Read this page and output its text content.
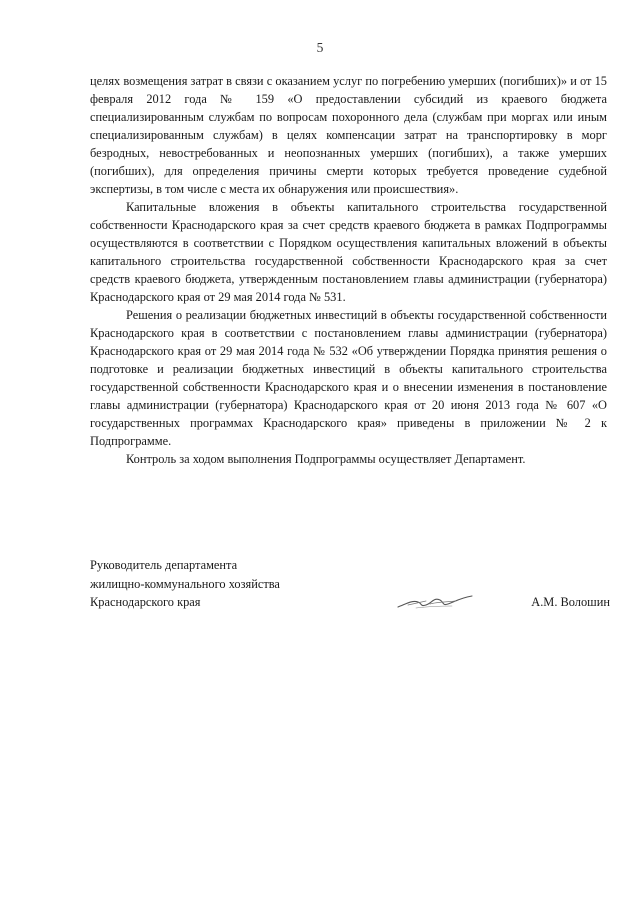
5

целях возмещения затрат в связи с оказанием услуг по погребению умерших (погибших)» и от 15 февраля 2012 года № 159 «О предоставлении субсидий из краевого бюджета специализированным службам по вопросам похоронного дела (службам при моргах или иным специализированным службам) в целях компенсации затрат на транспортировку в морг безродных, невостребованных и неопознанных умерших (погибших), а также умерших (погибших), для определения причины смерти которых требуется проведение судебной экспертизы, в том числе с места их обнаружения или происшествия».

Капитальные вложения в объекты капитального строительства государственной собственности Краснодарского края за счет средств краевого бюджета в рамках Подпрограммы осуществляются в соответствии с Порядком осуществления капитальных вложений в объекты капитального строительства государственной собственности Краснодарского края за счет средств краевого бюджета, утвержденным постановлением главы администрации (губернатора) Краснодарского края от 29 мая 2014 года № 531.

Решения о реализации бюджетных инвестиций в объекты государственной собственности Краснодарского края в соответствии с постановлением главы администрации (губернатора) Краснодарского края от 29 мая 2014 года № 532 «Об утверждении Порядка принятия решения о подготовке и реализации бюджетных инвестиций в объекты капитального строительства государственной собственности Краснодарского края и о внесении изменения в постановление главы администрации (губернатора) Краснодарского края от 20 июня 2013 года № 607 «О государственных программах Краснодарского края» приведены в приложении № 2 к Подпрограмме.

Контроль за ходом выполнения Подпрограммы осуществляет Департамент.

Руководитель департамента
жилищно-коммунального хозяйства
Краснодарского края	А.М. Волошин
